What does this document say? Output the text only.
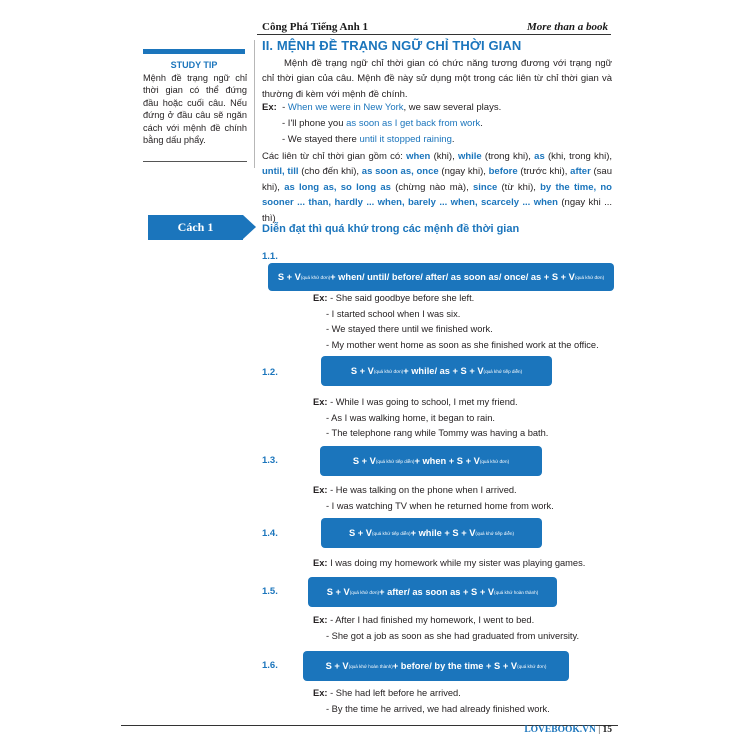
Công Phá Tiếng Anh 1	More than a book
STUDY TIP
Mệnh đề trạng ngữ chỉ thời gian có thể đứng đầu hoặc cuối câu. Nếu đứng ở đầu câu sẽ ngăn cách với mệnh đề chính bằng dấu phẩy.
II. MỆNH ĐỀ TRẠNG NGỮ CHỈ THỜI GIAN
Mệnh đề trạng ngữ chỉ thời gian có chức năng tương đương với trạng ngữ chỉ thời gian của câu. Mệnh đề này sử dụng một trong các liên từ chỉ thời gian và thường đi kèm với mệnh đề chính.
Ex: - When we were in New York, we saw several plays.
- I'll phone you as soon as I get back from work.
- We stayed there until it stopped raining.
Các liên từ chỉ thời gian gồm có: when (khi), while (trong khi), as (khi, trong khi), until, till (cho đến khi), as soon as, once (ngay khi), before (trước khi), after (sau khi), as long as, so long as (chừng nào mà), since (từ khi), by the time, no sooner ... than, hardly ... when, barely ... when, scarcely ... when (ngay khi ... thì)
Cách 1	Diễn đạt thì quá khứ trong các mệnh đề thời gian
1.1.
S + V (quá khứ đơn) + when/ until/ before/ after/ as soon as/ once/ as + S + V (quá khứ đơn)
Ex: - She said goodbye before she left.
- I started school when I was six.
- We stayed there until we finished work.
- My mother went home as soon as she finished work at the office.
1.2.	S + V (quá khứ đơn) + while/ as + S + V (quá khứ tiếp diễn)
Ex: - While I was going to school, I met my friend.
- As I was walking home, it began to rain.
- The telephone rang while Tommy was having a bath.
1.3.	S + V (quá khứ tiếp diễn) + when + S + V (quá khứ đơn)
Ex: - He was talking on the phone when I arrived.
- I was watching TV when he returned home from work.
1.4.	S + V (quá khứ tiếp diễn) + while + S + V (quá khứ tiếp diễn)
Ex: I was doing my homework while my sister was playing games.
1.5.	S + V (quá khứ đơn) + after/ as soon as + S + V (quá khứ hoàn thành)
Ex: - After I had finished my homework, I went to bed.
- She got a job as soon as she had graduated from university.
1.6.	S + V (quá khứ hoàn thành) + before/ by the time + S + V (quá khứ đơn)
Ex: - She had left before he arrived.
- By the time he arrived, we had already finished work.
LOVEBOOK.VN | 15
